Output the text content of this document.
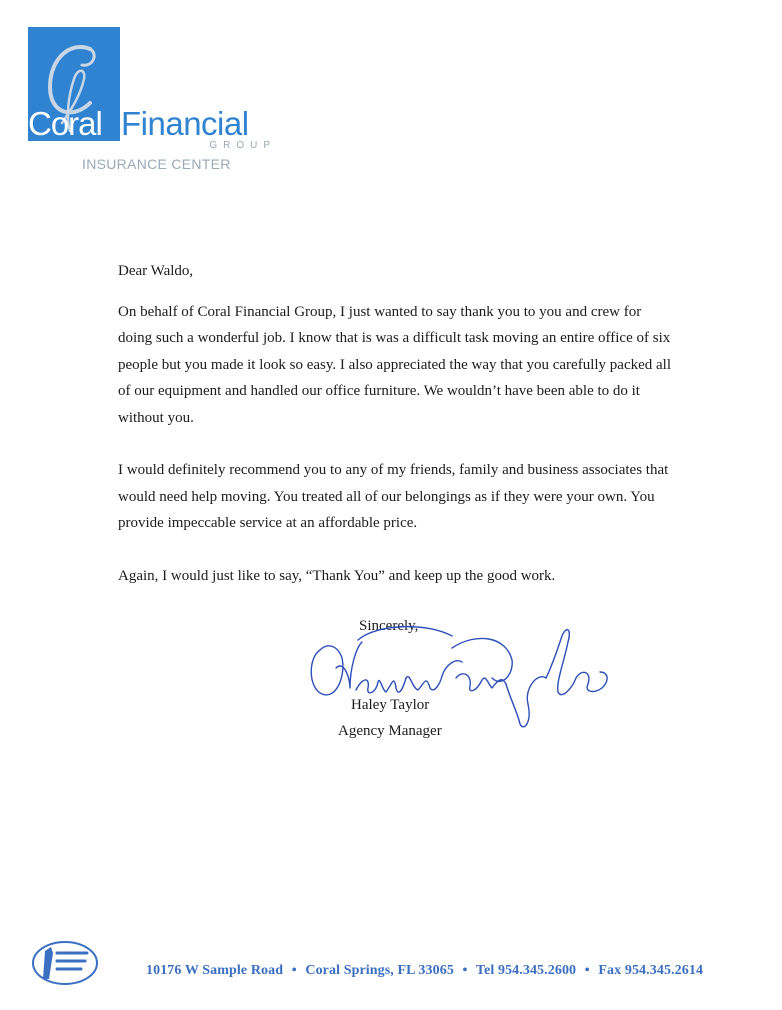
Coral Financial
GROUP
INSURANCE CENTER

Dear Waldo,

On behalf of Coral Financial Group, I just wanted to say thank you to you and crew for doing such a wonderful job. I know that is was a difficult task moving an entire office of six people but you made it look so easy. I also appreciated the way that you carefully packed all of our equipment and handled our office furniture. We wouldn’t have been able to do it without you.

I would definitely recommend you to any of my friends, family and business associates that would need help moving. You treated all of our belongings as if they were your own. You provide impeccable service at an affordable price.

Again, I would just like to say, “Thank You” and keep up the good work.

Sincerely,
Haley Taylor
Agency Manager
10176 W Sample Road • Coral Springs, FL 33065 • Tel 954.345.2600 • Fax 954.345.2614
